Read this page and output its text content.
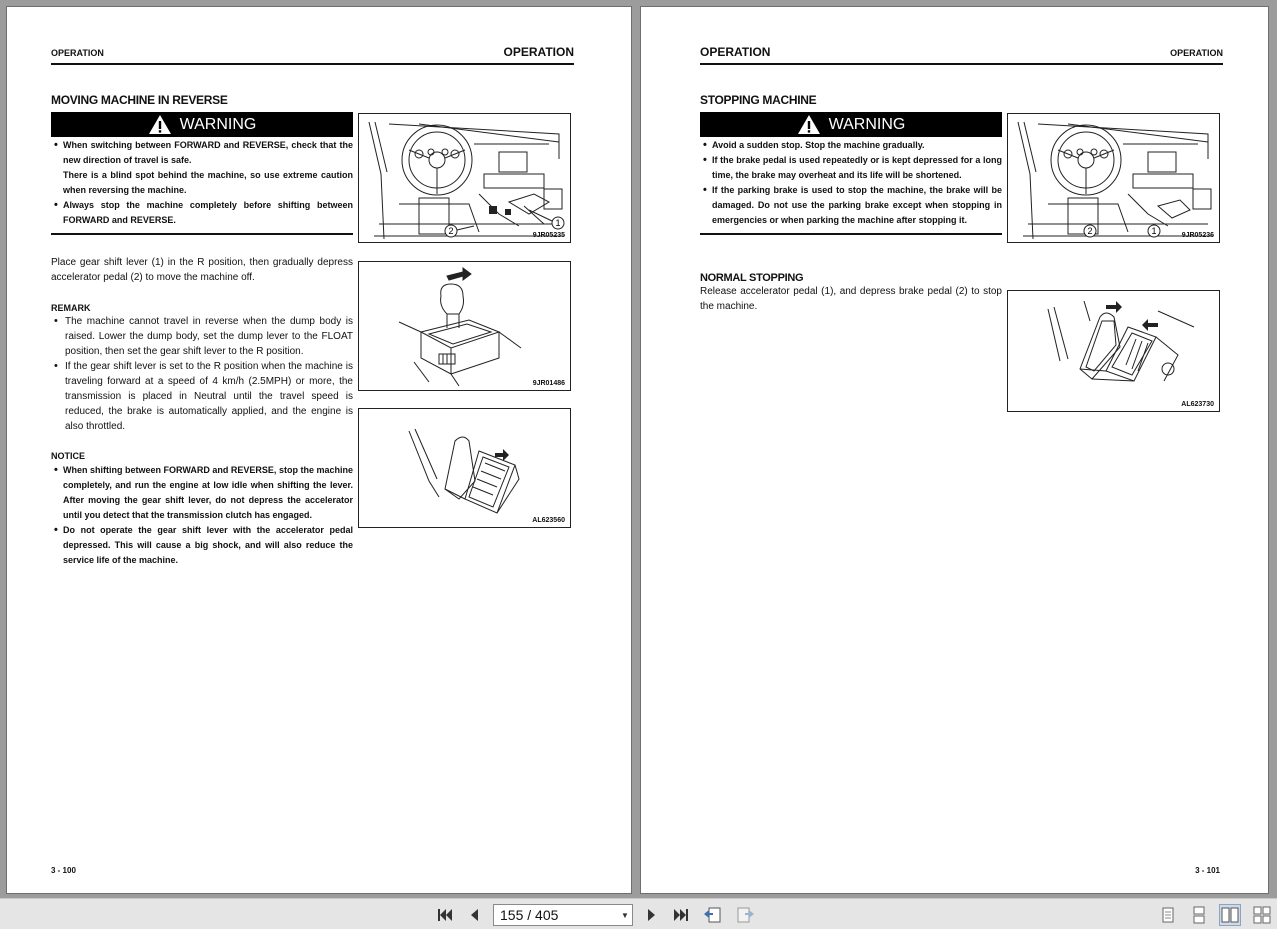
OPERATION	OPERATION
MOVING MACHINE IN REVERSE
WARNING
• When switching between FORWARD and REVERSE, check that the new direction of travel is safe.
There is a blind spot behind the machine, so use extreme caution when reversing the machine.
• Always stop the machine completely before shifting between FORWARD and REVERSE.	1
2	9JR05235
Place gear shift lever (1) in the R position, then gradually depress accelerator pedal (2) to move the machine off.
REMARK
• The machine cannot travel in reverse when the dump body is raised. Lower the dump body, set the dump lever to the FLOAT position, then set the gear shift lever to the R position.
• If the gear shift lever is set to the R position when the machine is traveling forward at a speed of 4 km/h (2.5MPH) or more, the transmission is placed in Neutral until the travel speed is reduced, the brake is automatically applied, and the engine is also throttled.
9JR01486
AL623560
NOTICE
• When shifting between FORWARD and REVERSE, stop the machine completely, and run the engine at low idle when shifting the lever. After moving the gear shift lever, do not depress the accelerator until you detect that the transmission clutch has engaged.
• Do not operate the gear shift lever with the accelerator pedal depressed. This will cause a big shock, and will also reduce the service life of the machine.
3 - 100
OPERATION	OPERATION
STOPPING MACHINE
WARNING
• Avoid a sudden stop. Stop the machine gradually.
• If the brake pedal is used repeatedly or is kept depressed for a long time, the brake may overheat and its life will be shortened.
• If the parking brake is used to stop the machine, the brake will be damaged. Do not use the parking brake except when stopping in emergencies or when parking the machine after stopping it.
1
2	9JR05236
NORMAL STOPPING
Release accelerator pedal (1), and depress brake pedal (2) to stop the machine.
AL623730
3 - 101
155 / 405	▼
